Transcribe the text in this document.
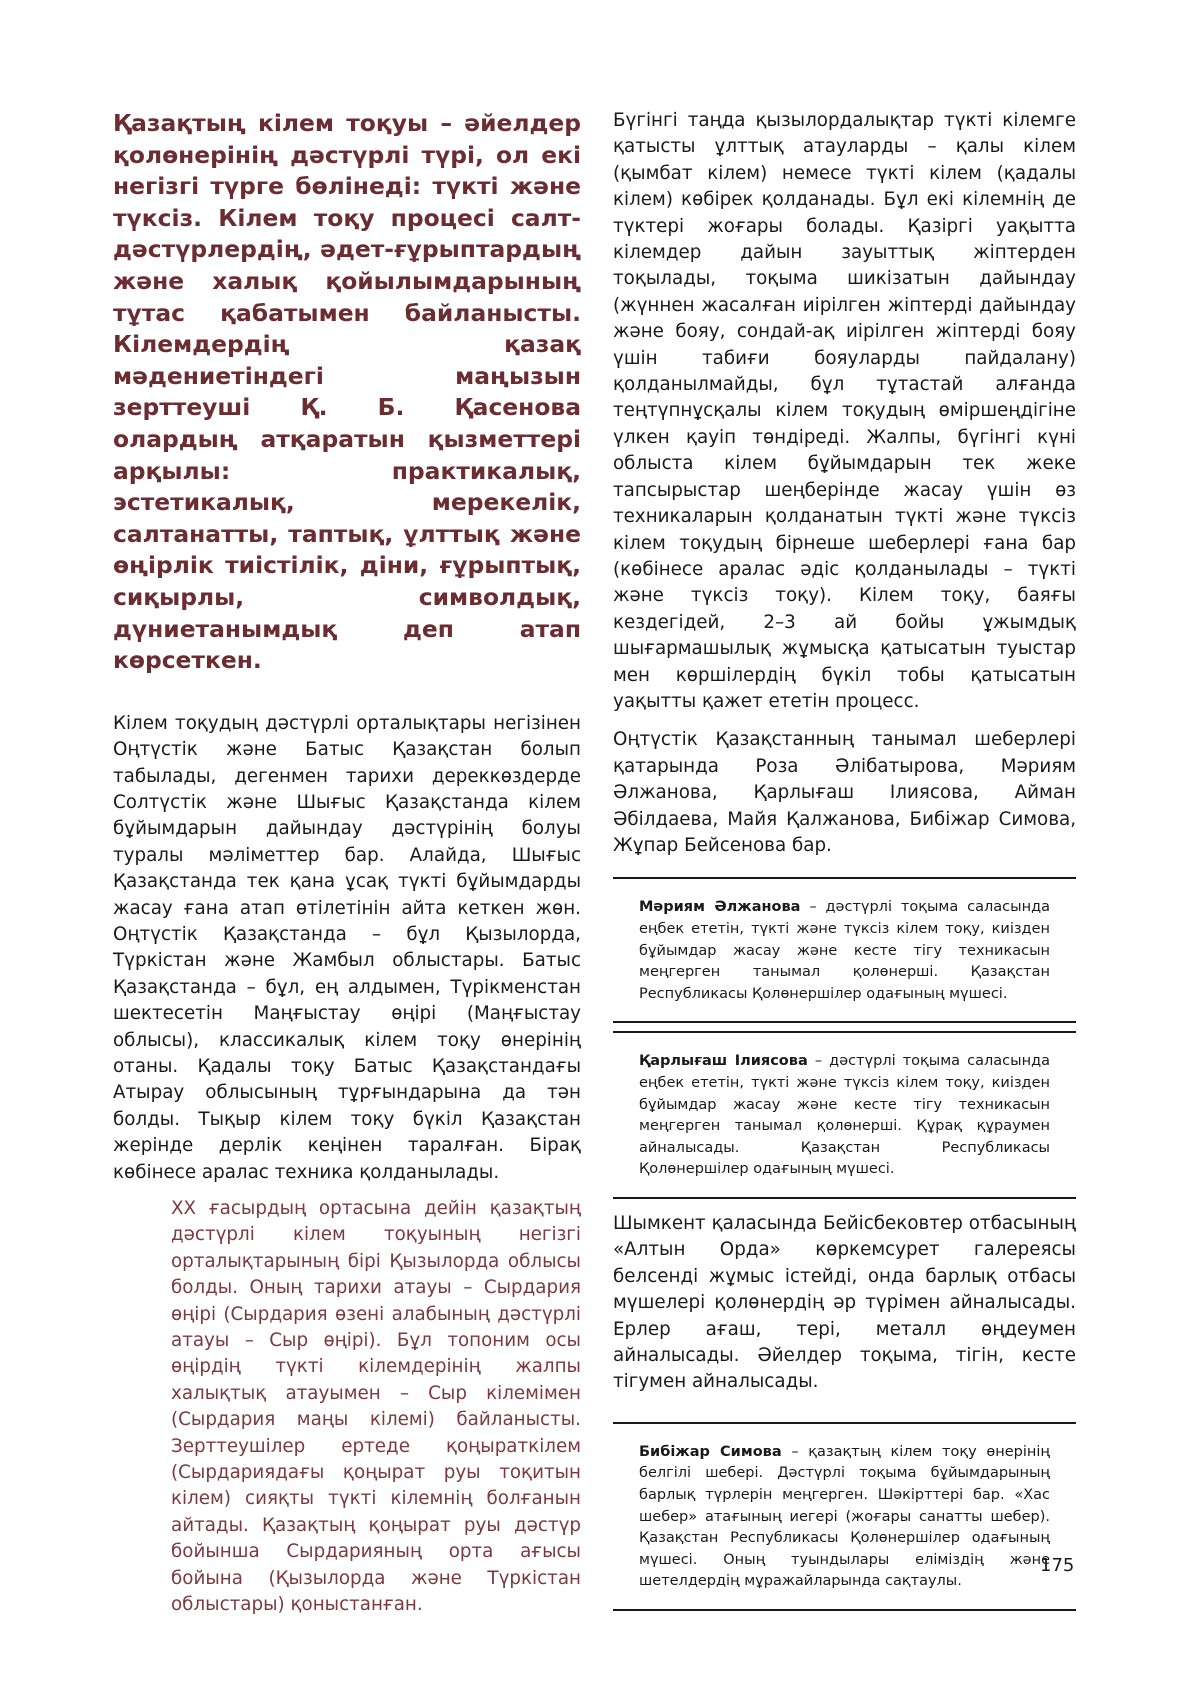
Қазақтың кілем тоқуы – әйелдер қолөнерінің дәстүрлі түрі, ол екі негізгі түрге бөлінеді: түкті және түксіз. Кілем тоқу процесі салт-дәстүрлердің, әдет-ғұрыптардың және халық қойылымдарының тұтас қабатымен байланысты. Кілемдердің қазақ мәдениетіндегі маңызын зерттеуші Қ. Б. Қасенова олардың атқаратын қызметтері арқылы: практикалық, эстетикалық, мерекелік, салтанатты, таптық, ұлттық және өңірлік тиістілік, діни, ғұрыптық, сиқырлы, символдық, дүниетанымдық деп атап көрсеткен.

Кілем тоқудың дәстүрлі орталықтары негізінен Оңтүстік және Батыс Қазақстан болып табылады, дегенмен тарихи дереккөздерде Солтүстік және Шығыс Қазақстанда кілем бұйымдарын дайындау дәстүрінің болуы туралы мәліметтер бар. Алайда, Шығыс Қазақстанда тек қана ұсақ түкті бұйымдарды жасау ғана атап өтілетінін айта кеткен жөн. Оңтүстік Қазақстанда – бұл Қызылорда, Түркістан және Жамбыл облыстары. Батыс Қазақстанда – бұл, ең алдымен, Түрікменстан шектесетін Маңғыстау өңірі (Маңғыстау облысы), классикалық кілем тоқу өнерінің отаны. Қадалы тоқу Батыс Қазақстандағы Атырау облысының тұрғындарына да тән болды. Тықыр кілем тоқу бүкіл Қазақстан жерінде дерлік кеңінен таралған. Бірақ көбінесе аралас техника қолданылады.

ХХ ғасырдың ортасына дейін қазақтың дәстүрлі кілем тоқуының негізгі орталықтарының бірі Қызылорда облысы болды. Оның тарихи атауы – Сырдария өңірі (Сырдария өзені алабының дәстүрлі атауы – Сыр өңірі). Бұл топоним осы өңірдің түкті кілемдерінің жалпы халықтық атауымен – Сыр кілемімен (Сырдария маңы кілемі) байланысты. Зерттеушілер ертеде қоңыраткілем (Сырдариядағы қоңырат руы тоқитын кілем) сияқты түкті кілемнің болғанын айтады. Қазақтың қоңырат руы дәстүр бойынша Сырдарияның орта ағысы бойына (Қызылорда және Түркістан облыстары) қоныстанған.

Бүгінгі таңда қызылордалықтар түкті кілемге қатысты ұлттық атауларды – қалы кілем (қымбат кілем) немесе түкті кілем (қадалы кілем) көбірек қолданады. Бұл екі кілемнің де түктері жоғары болады. Қазіргі уақытта кілемдер дайын зауыттық жіптерден тоқылады, тоқыма шикізатын дайындау (жүннен жасалған иірілген жіптерді дайындау және бояу, сондай-ақ иірілген жіптерді бояу үшін табиғи бояуларды пайдалану) қолданылмайды, бұл тұтастай алғанда теңтүпнұсқалы кілем тоқудың өміршеңдігіне үлкен қауіп төндіреді. Жалпы, бүгінгі күні облыста кілем бұйымдарын тек жеке тапсырыстар шеңберінде жасау үшін өз техникаларын қолданатын түкті және түксіз кілем тоқудың бірнеше шеберлері ғана бар (көбінесе аралас әдіс қолданылады – түкті және түксіз тоқу). Кілем тоқу, баяғы кездегідей, 2–3 ай бойы ұжымдық шығармашылық жұмысқа қатысатын туыстар мен көршілердің бүкіл тобы қатысатын уақытты қажет ететін процесс.

Оңтүстік Қазақстанның танымал шеберлері қатарында Роза Әлібатырова, Мәриям Әлжанова, Қарлығаш Ілиясова, Айман Әбілдаева, Майя Қалжанова, Бибіжар Симова, Жұпар Бейсенова бар.

Мәриям Әлжанова – дәстүрлі тоқыма саласында еңбек ететін, түкті және түксіз кілем тоқу, киізден бұйымдар жасау және кесте тігу техникасын меңгерген танымал қолөнерші. Қазақстан Республикасы Қолөнершілер одағының мүшесі.
Қарлығаш Ілиясова – дәстүрлі тоқыма саласында еңбек ететін, түкті және түксіз кілем тоқу, киізден бұйымдар жасау және кесте тігу техникасын меңгерген танымал қолөнерші. Құрақ құраумен айналысады. Қазақстан Республикасы Қолөнершілер одағының мүшесі.

Шымкент қаласында Бейісбековтер отбасының «Алтын Орда» көркемсурет галереясы белсенді жұмыс істейді, онда барлық отбасы мүшелері қолөнердің әр түрімен айналысады. Ерлер ағаш, тері, металл өңдеумен айналысады. Әйелдер тоқыма, тігін, кесте тігумен айналысады.

Бибіжар Симова – қазақтың кілем тоқу өнерінің белгілі шебері. Дәстүрлі тоқыма бұйымдарының барлық түрлерін меңгерген. Шәкірттері бар. «Хас шебер» атағының иегері (жоғары санатты шебер). Қазақстан Республикасы Қолөнершілер одағының мүшесі. Оның туындылары еліміздің және шетелдердің мұражайларында сақтаулы.
175
